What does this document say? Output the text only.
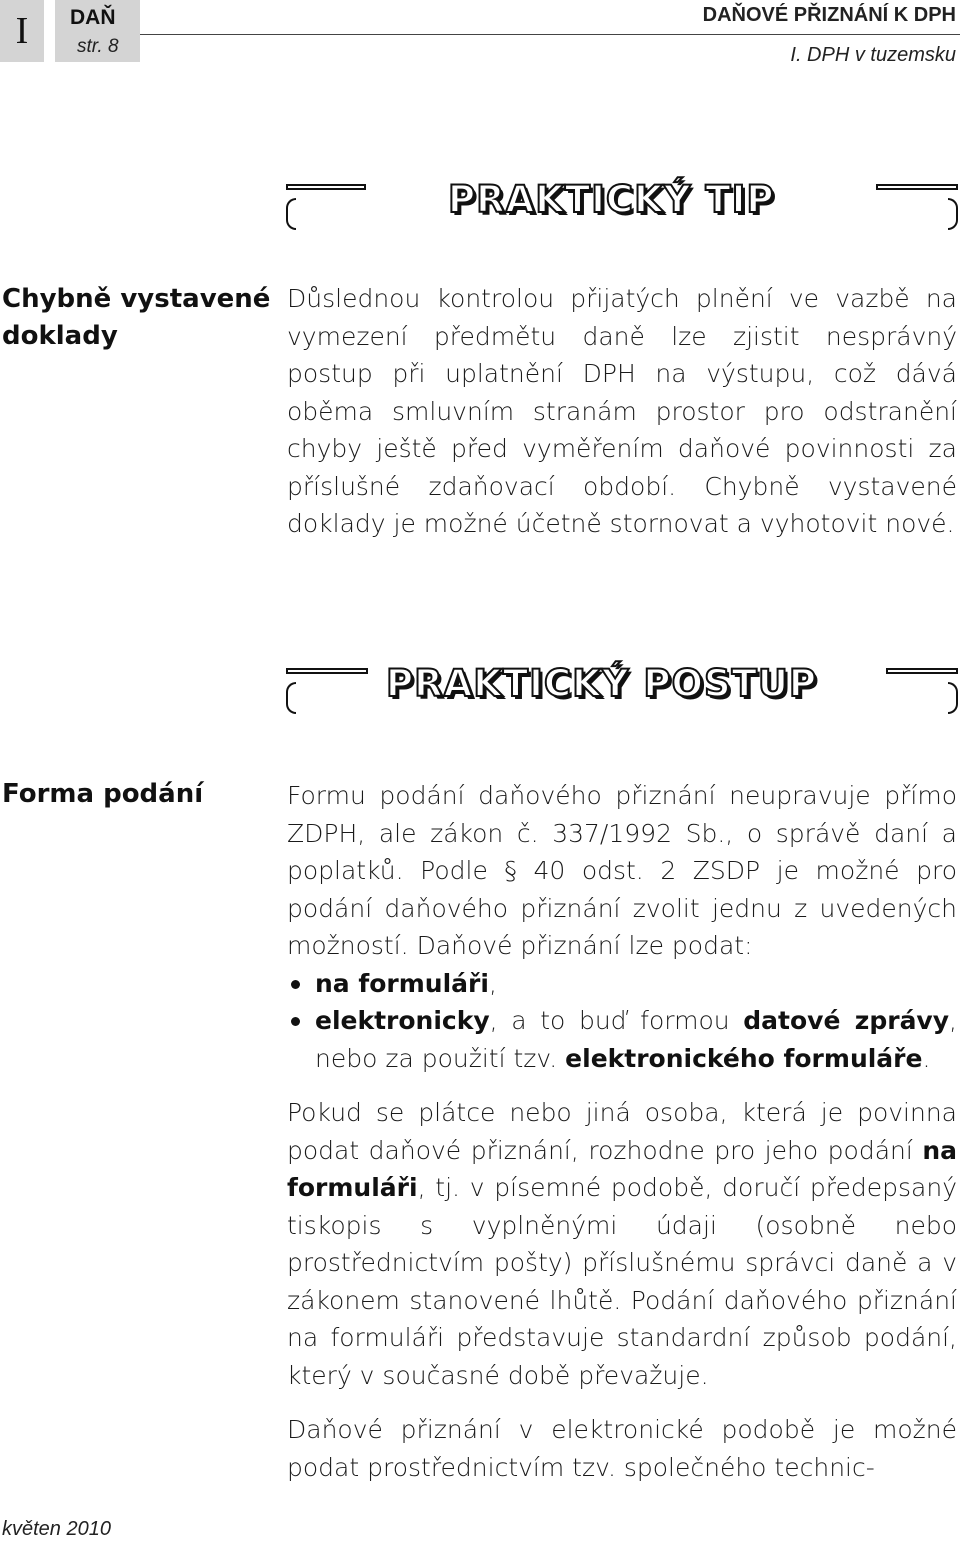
I DAŇ
str. 8
DAŇOVÉ PŘIZNÁNÍ K DPH
I. DPH v tuzemsku
PRAKTICKÝ TIP
Chybně vystavené
doklady

Důslednou kontrolou přijatých plnění ve vazbě na vymezení předmětu daně lze zjistit nesprávný postup při uplatnění DPH na výstupu, což dává oběma smluvním stranám prostor pro odstranění chyby ještě před vyměřením daňové povinnosti za příslušné zdaňovací období. Chybně vystavené doklady je možné účetně stornovat a vyhotovit nové.

PRAKTICKÝ POSTUP
Forma podání	Formu podání daňového přiznání neupravuje přímo ZDPH, ale zákon č. 337/1992 Sb., o správě daní a poplatků. Podle § 40 odst. 2 ZSDP je možné pro podání daňového přiznání zvolit jednu z uvedených možností. Daňové přiznání lze podat:

na formuláři,
elektronicky, a to buď formou datové zprávy, nebo za použití tzv. elektronického formuláře.

Pokud se plátce nebo jiná osoba, která je povinna podat daňové přiznání, rozhodne pro jeho podání na formuláři, tj. v písemné podobě, doručí předepsaný tiskopis s vyplněnými údaji (osobně nebo prostřednictvím pošty) příslušnému správci daně a v zákonem stanovené lhůtě. Podání daňového přiznání na formuláři představuje standardní způsob podání, který v současné době převažuje.

Daňové přiznání v elektronické podobě je možné podat prostřednictvím tzv. společného technic-

květen 2010
